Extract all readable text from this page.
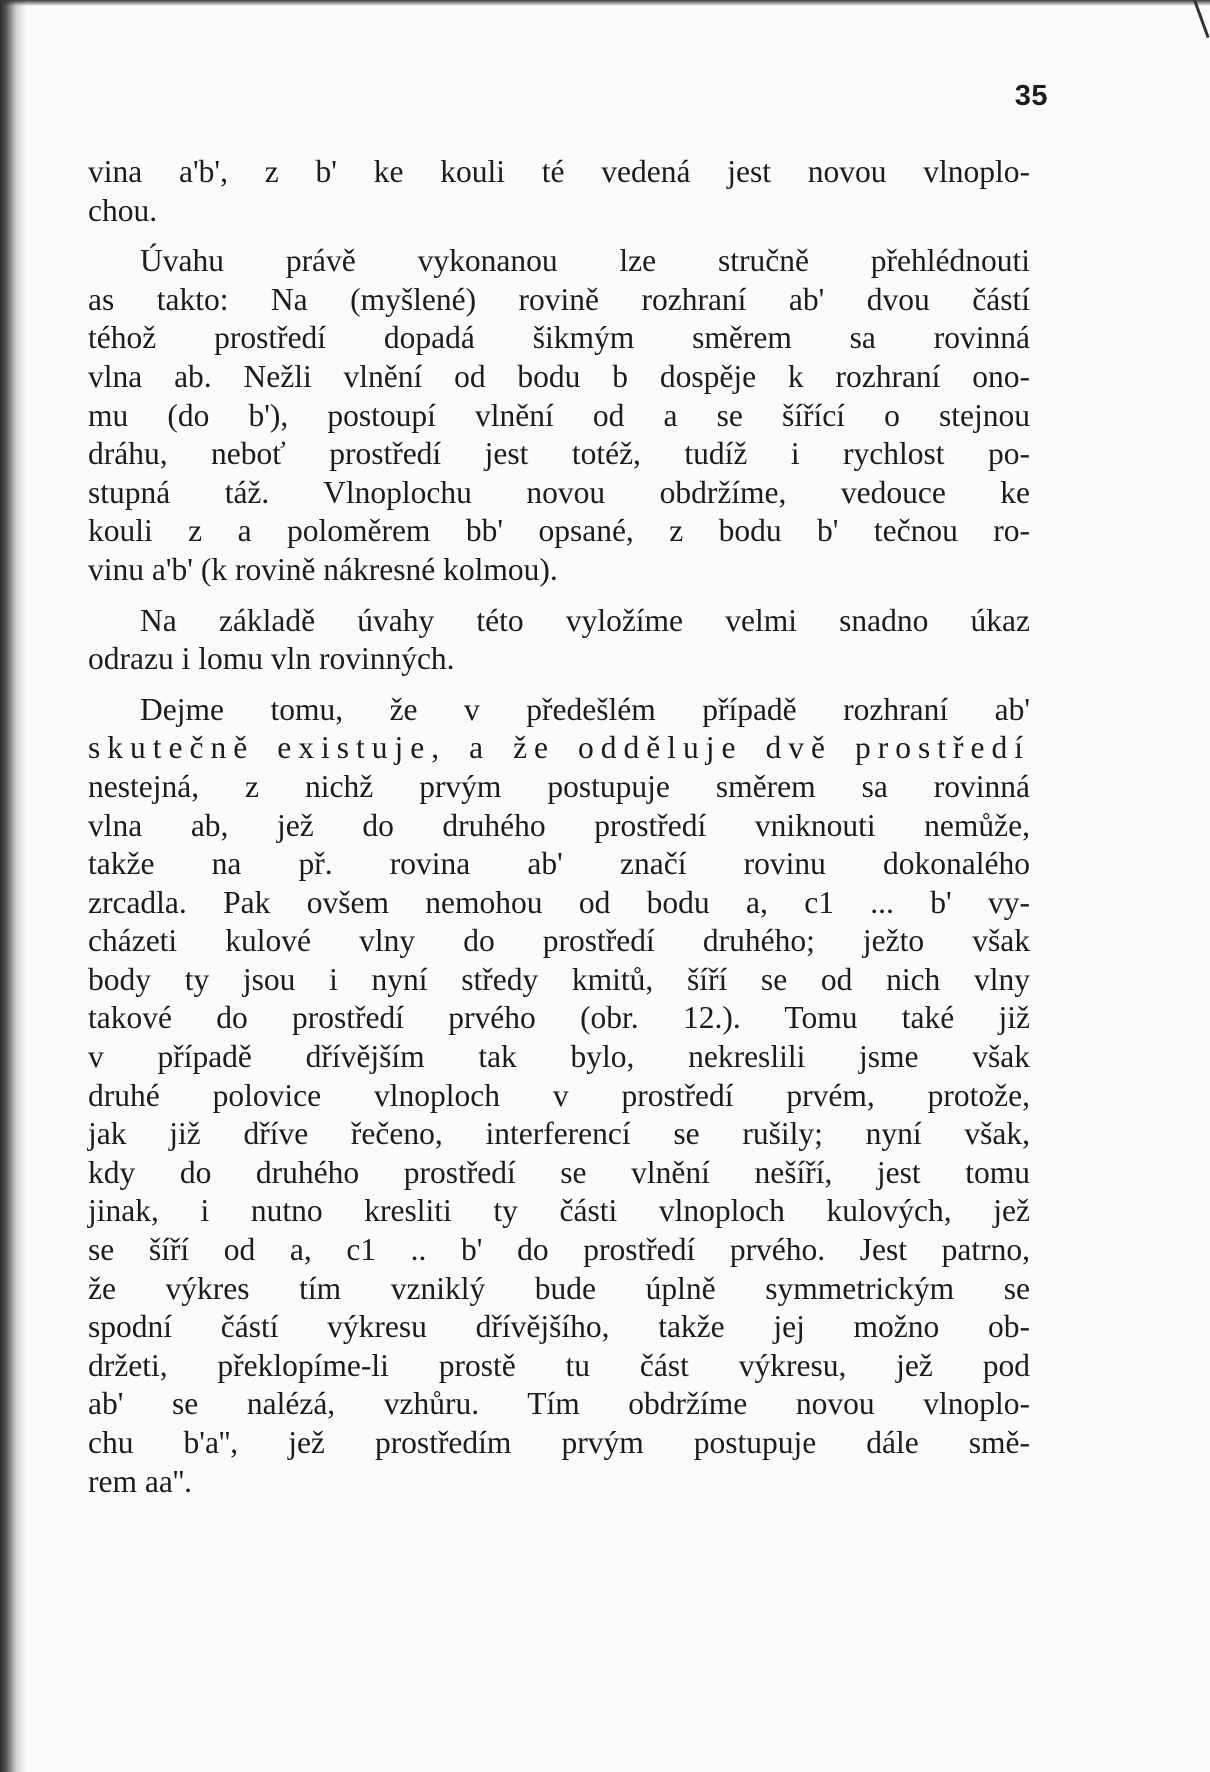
35
vina a'b', z b' ke kouli té vedená jest novou vlnoplo-
chou.
Úvahu právě vykonanou lze stručně přehlédnouti
as takto: Na (myšlené) rovině rozhraní ab' dvou částí
téhož prostředí dopadá šikmým směrem sa rovinná
vlna ab. Nežli vlnění od bodu b dospěje k rozhraní ono-
mu (do b'), postoupí vlnění od a se šířící o stejnou
dráhu, neboť prostředí jest totéž, tudíž i rychlost po-
stupná táž. Vlnoplochu novou obdržíme, vedouce ke
kouli z a poloměrem bb' opsané, z bodu b' tečnou ro-
vinu a'b' (k rovině nákresné kolmou).
Na základě úvahy této vyložíme velmi snadno úkaz
odrazu i lomu vln rovinných.
Dejme tomu, že v předešlém případě rozhraní ab'
skutečně existuje, a že odděluje dvě prostředí
nestejná, z nichž prvým postupuje směrem sa rovinná
vlna ab, jež do druhého prostředí vniknouti nemůže,
takže na př. rovina ab' značí rovinu dokonalého
zrcadla. Pak ovšem nemohou od bodu a, c1 ... b' vy-
cházeti kulové vlny do prostředí druhého; ježto však
body ty jsou i nyní středy kmitů, šíří se od nich vlny
takové do prostředí prvého (obr. 12.). Tomu také již
v případě dřívějším tak bylo, nekreslili jsme však
druhé polovice vlnoploch v prostředí prvém, protože,
jak již dříve řečeno, interferencí se rušily; nyní však,
kdy do druhého prostředí se vlnění nešíří, jest tomu
jinak, i nutno kresliti ty části vlnoploch kulových, jež
se šíří od a, c1 .. b' do prostředí prvého. Jest patrno,
že výkres tím vzniklý bude úplně symmetrickým se
spodní částí výkresu dřívějšího, takže jej možno ob-
držeti, překlopíme-li prostě tu část výkresu, jež pod
ab' se nalézá, vzhůru. Tím obdržíme novou vlnoplo-
chu b'a'', jež prostředím prvým postupuje dále smě-
rem aa''.
